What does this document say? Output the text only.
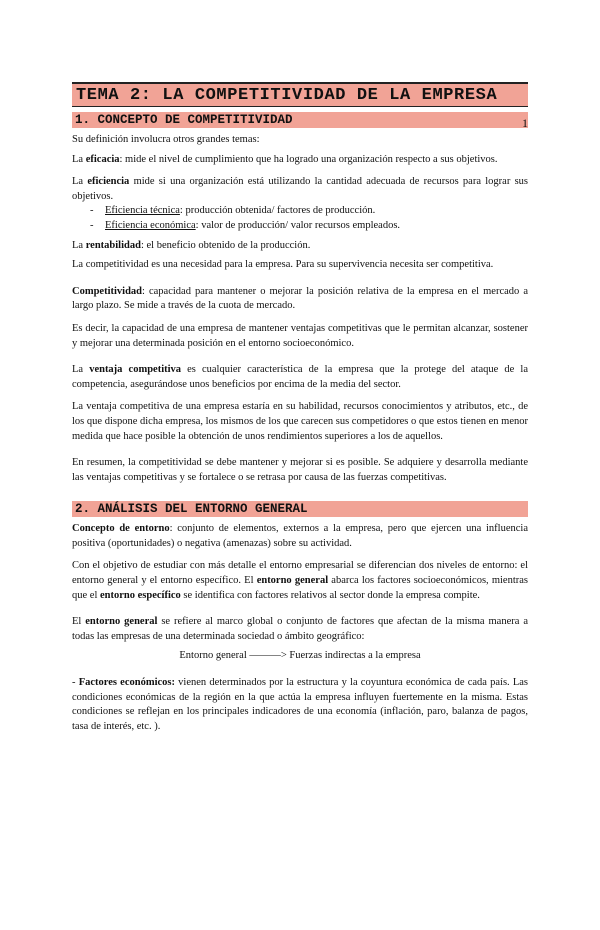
1
TEMA 2: LA COMPETITIVIDAD DE LA EMPRESA
1. CONCEPTO DE COMPETITIVIDAD

Su definición involucra otros grandes temas:

La eficacia: mide el nivel de cumplimiento que ha logrado una organización respecto a sus objetivos.

La eficiencia mide si una organización está utilizando la cantidad adecuada de recursos para lograr sus objetivos.

- Eficiencia técnica: producción obtenida/ factores de producción.
- Eficiencia económica: valor de producción/ valor recursos empleados.

La rentabilidad: el beneficio obtenido de la producción.

La competitividad es una necesidad para la empresa. Para su supervivencia necesita ser competitiva.

Competitividad: capacidad para mantener o mejorar la posición relativa de la empresa en el mercado a largo plazo. Se mide a través de la cuota de mercado.

Es decir, la capacidad de una empresa de mantener ventajas competitivas que le permitan alcanzar, sostener y mejorar una determinada posición en el entorno socioeconómico.

La ventaja competitiva es cualquier característica de la empresa que la protege del ataque de la competencia, asegurándose unos beneficios por encima de la media del sector.

La ventaja competitiva de una empresa estaría en su habilidad, recursos conocimientos y atributos, etc., de los que dispone dicha empresa, los mismos de los que carecen sus competidores o que estos tienen en menor medida que hace posible la obtención de unos rendimientos superiores a los de aquellos.

En resumen, la competitividad se debe mantener y mejorar si es posible. Se adquiere y desarrolla mediante las ventajas competitivas y se fortalece o se retrasa por causa de las fuerzas competitivas.

2. ANÁLISIS DEL ENTORNO GENERAL

Concepto de entorno: conjunto de elementos, externos a la empresa, pero que ejercen una influencia positiva (oportunidades) o negativa (amenazas) sobre su actividad.

Con el objetivo de estudiar con más detalle el entorno empresarial se diferencian dos niveles de entorno: el entorno general y el entorno específico. El entorno general abarca los factores socioeconómicos, mientras que el entorno específico se identifica con factores relativos al sector donde la empresa compite.

El entorno general se refiere al marco global o conjunto de factores que afectan de la misma manera a todas las empresas de una determinada sociedad o ámbito geográfico:

Entorno general ———> Fuerzas indirectas a la empresa

- Factores económicos: vienen determinados por la estructura y la coyuntura económica de cada país. Las condiciones económicas de la región en la que actúa la empresa influyen fuertemente en la misma. Estas condiciones se reflejan en los principales indicadores de una economía (inflación, paro, balanza de pagos, tasa de interés, etc. ).
